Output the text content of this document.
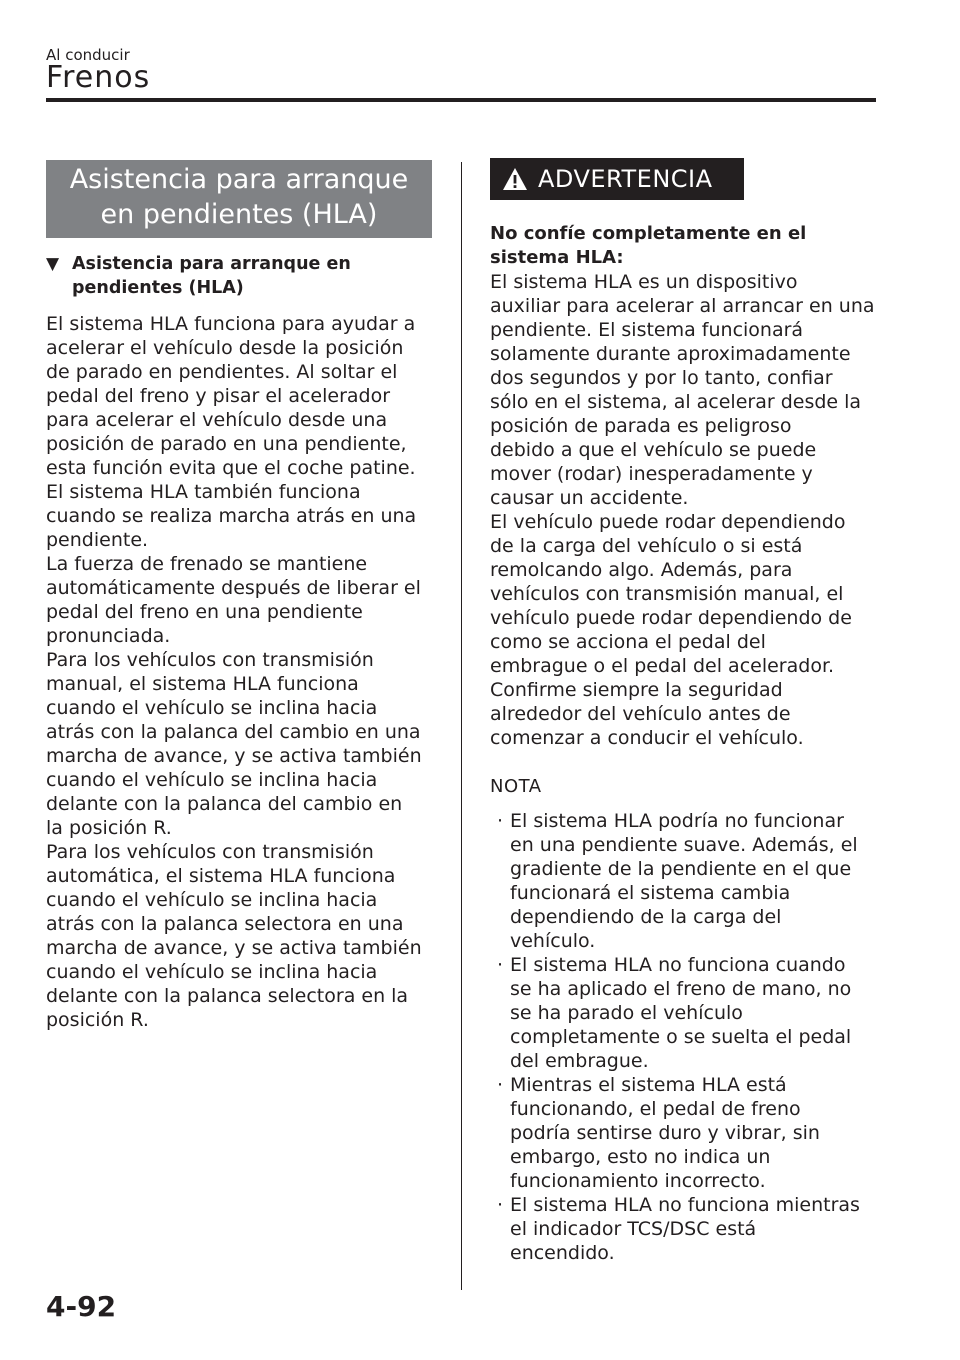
Al conducir
Frenos
Asistencia para arranque
en pendientes (HLA)
▼ Asistencia para arranque en
pendientes (HLA)
El sistema HLA funciona para ayudar a
acelerar el vehículo desde la posición
de parado en pendientes. Al soltar el
pedal del freno y pisar el acelerador
para acelerar el vehículo desde una
posición de parado en una pendiente,
esta función evita que el coche patine.
El sistema HLA también funciona
cuando se realiza marcha atrás en una
pendiente.
La fuerza de frenado se mantiene
automáticamente después de liberar el
pedal del freno en una pendiente
pronunciada.
Para los vehículos con transmisión
manual, el sistema HLA funciona
cuando el vehículo se inclina hacia
atrás con la palanca del cambio en una
marcha de avance, y se activa también
cuando el vehículo se inclina hacia
delante con la palanca del cambio en
la posición R.
Para los vehículos con transmisión
automática, el sistema HLA funciona
cuando el vehículo se inclina hacia
atrás con la palanca selectora en una
marcha de avance, y se activa también
cuando el vehículo se inclina hacia
delante con la palanca selectora en la
posición R.
ADVERTENCIA
No confíe completamente en el
sistema HLA:
El sistema HLA es un dispositivo
auxiliar para acelerar al arrancar en una
pendiente. El sistema funcionará
solamente durante aproximadamente
dos segundos y por lo tanto, confiar
sólo en el sistema, al acelerar desde la
posición de parada es peligroso
debido a que el vehículo se puede
mover (rodar) inesperadamente y
causar un accidente.
El vehículo puede rodar dependiendo
de la carga del vehículo o si está
remolcando algo. Además, para
vehículos con transmisión manual, el
vehículo puede rodar dependiendo de
como se acciona el pedal del
embrague o el pedal del acelerador.
Confirme siempre la seguridad
alrededor del vehículo antes de
comenzar a conducir el vehículo.
NOTA
· El sistema HLA podría no funcionar
en una pendiente suave. Además, el
gradiente de la pendiente en el que
funcionará el sistema cambia
dependiendo de la carga del
vehículo.
· El sistema HLA no funciona cuando
se ha aplicado el freno de mano, no
se ha parado el vehículo
completamente o se suelta el pedal
del embrague.
· Mientras el sistema HLA está
funcionando, el pedal de freno
podría sentirse duro y vibrar, sin
embargo, esto no indica un
funcionamiento incorrecto.
· El sistema HLA no funciona mientras
el indicador TCS/DSC está
encendido.
4-92
